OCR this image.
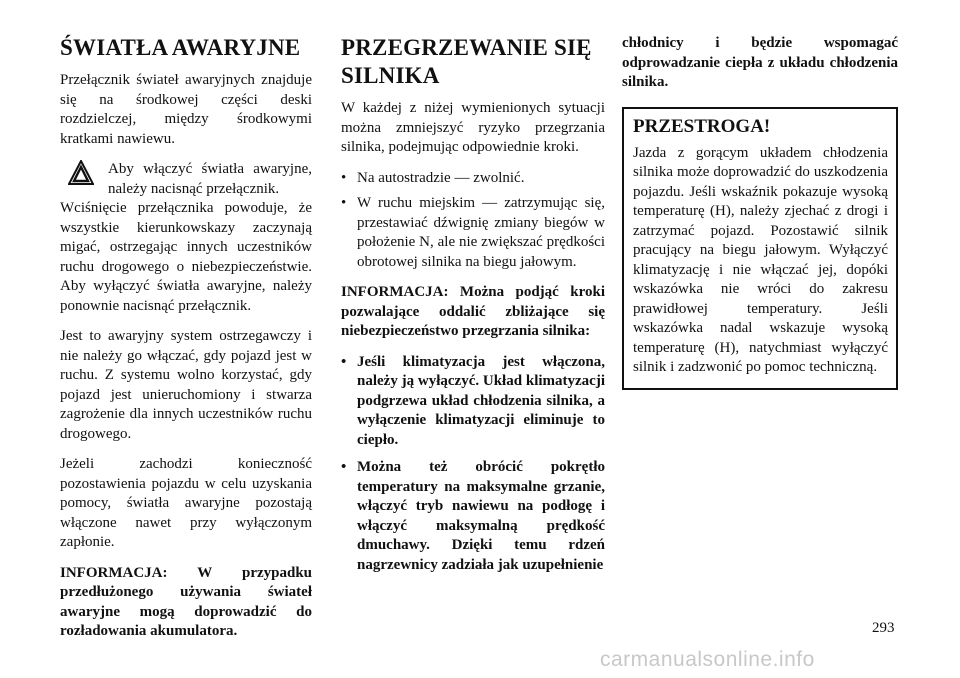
ŚWIATŁA AWARYJNE

Przełącznik świateł awaryjnych znajduje się na środkowej części deski rozdzielczej, między środkowymi kratkami nawiewu.

Aby włączyć światła awaryjne, należy nacisnąć przełącznik.

Wciśnięcie przełącznika powoduje, że wszystkie kierunkowskazy zaczynają migać, ostrzegając innych uczestników ruchu drogowego o niebezpieczeństwie. Aby wyłączyć światła awaryjne, należy ponownie nacisnąć przełącznik.

Jest to awaryjny system ostrzegawczy i nie należy go włączać, gdy pojazd jest w ruchu. Z systemu wolno korzystać, gdy pojazd jest unieruchomiony i stwarza zagrożenie dla innych uczestników ruchu drogowego.

Jeżeli zachodzi konieczność pozostawienia pojazdu w celu uzyskania pomocy, światła awaryjne pozostają włączone nawet przy wyłączonym zapłonie.

INFORMACJA: W przypadku przedłużonego używania świateł awaryjne mogą doprowadzić do rozładowania akumulatora.

PRZEGRZEWANIE SIĘ SILNIKA

W każdej z niżej wymienionych sytuacji można zmniejszyć ryzyko przegrzania silnika, podejmując odpowiednie kroki.

• Na autostradzie — zwolnić.
• W ruchu miejskim — zatrzymując się, przestawiać dźwignię zmiany biegów w położenie N, ale nie zwiększać prędkości obrotowej silnika na biegu jałowym.

INFORMACJA: Można podjąć kroki pozwalające oddalić zbliżające się niebezpieczeństwo przegrzania silnika:

• Jeśli klimatyzacja jest włączona, należy ją wyłączyć. Układ klimatyzacji podgrzewa układ chłodzenia silnika, a wyłączenie klimatyzacji eliminuje to ciepło.
• Można też obrócić pokrętło temperatury na maksymalne grzanie, włączyć tryb nawiewu na podłogę i włączyć maksymalną prędkość dmuchawy. Dzięki temu rdzeń nagrzewnicy zadziała jak uzupełnienie

chłodnicy i będzie wspomagać odprowadzanie ciepła z układu chłodzenia silnika.

PRZESTROGA!

Jazda z gorącym układem chłodzenia silnika może doprowadzić do uszkodzenia pojazdu. Jeśli wskaźnik pokazuje wysoką temperaturę (H), należy zjechać z drogi i zatrzymać pojazd. Pozostawić silnik pracujący na biegu jałowym. Wyłączyć klimatyzację i nie włączać jej, dopóki wskazówka nie wróci do zakresu prawidłowej temperatury. Jeśli wskazówka nadal wskazuje wysoką temperaturę (H), natychmiast wyłączyć silnik i zadzwonić po pomoc techniczną.

293
carmanualsonline.info
